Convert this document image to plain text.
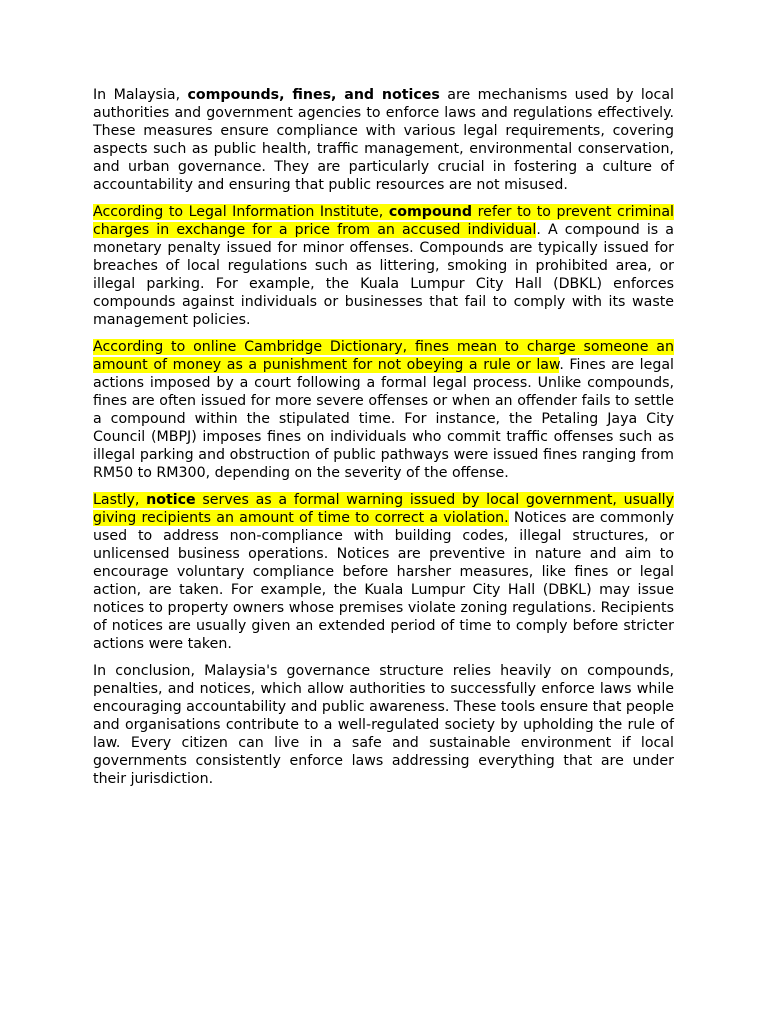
In Malaysia, compounds, fines, and notices are mechanisms used by local authorities and government agencies to enforce laws and regulations effectively. These measures ensure compliance with various legal requirements, covering aspects such as public health, traffic management, environmental conservation, and urban governance. They are particularly crucial in fostering a culture of accountability and ensuring that public resources are not misused.

According to Legal Information Institute, compound refer to to prevent criminal charges in exchange for a price from an accused individual. A compound is a monetary penalty issued for minor offenses. Compounds are typically issued for breaches of local regulations such as littering, smoking in prohibited area, or illegal parking. For example, the Kuala Lumpur City Hall (DBKL) enforces compounds against individuals or businesses that fail to comply with its waste management policies.

According to online Cambridge Dictionary, fines mean to charge someone an amount of money as a punishment for not obeying a rule or law. Fines are legal actions imposed by a court following a formal legal process. Unlike compounds, fines are often issued for more severe offenses or when an offender fails to settle a compound within the stipulated time. For instance, the Petaling Jaya City Council (MBPJ) imposes fines on individuals who commit traffic offenses such as illegal parking and obstruction of public pathways were issued fines ranging from RM50 to RM300, depending on the severity of the offense.

Lastly, notice serves as a formal warning issued by local government, usually giving recipients an amount of time to correct a violation. Notices are commonly used to address non-compliance with building codes, illegal structures, or unlicensed business operations. Notices are preventive in nature and aim to encourage voluntary compliance before harsher measures, like fines or legal action, are taken. For example, the Kuala Lumpur City Hall (DBKL) may issue notices to property owners whose premises violate zoning regulations. Recipients of notices are usually given an extended period of time to comply before stricter actions were taken.

In conclusion, Malaysia's governance structure relies heavily on compounds, penalties, and notices, which allow authorities to successfully enforce laws while encouraging accountability and public awareness. These tools ensure that people and organisations contribute to a well-regulated society by upholding the rule of law. Every citizen can live in a safe and sustainable environment if local governments consistently enforce laws addressing everything that are under their jurisdiction.
